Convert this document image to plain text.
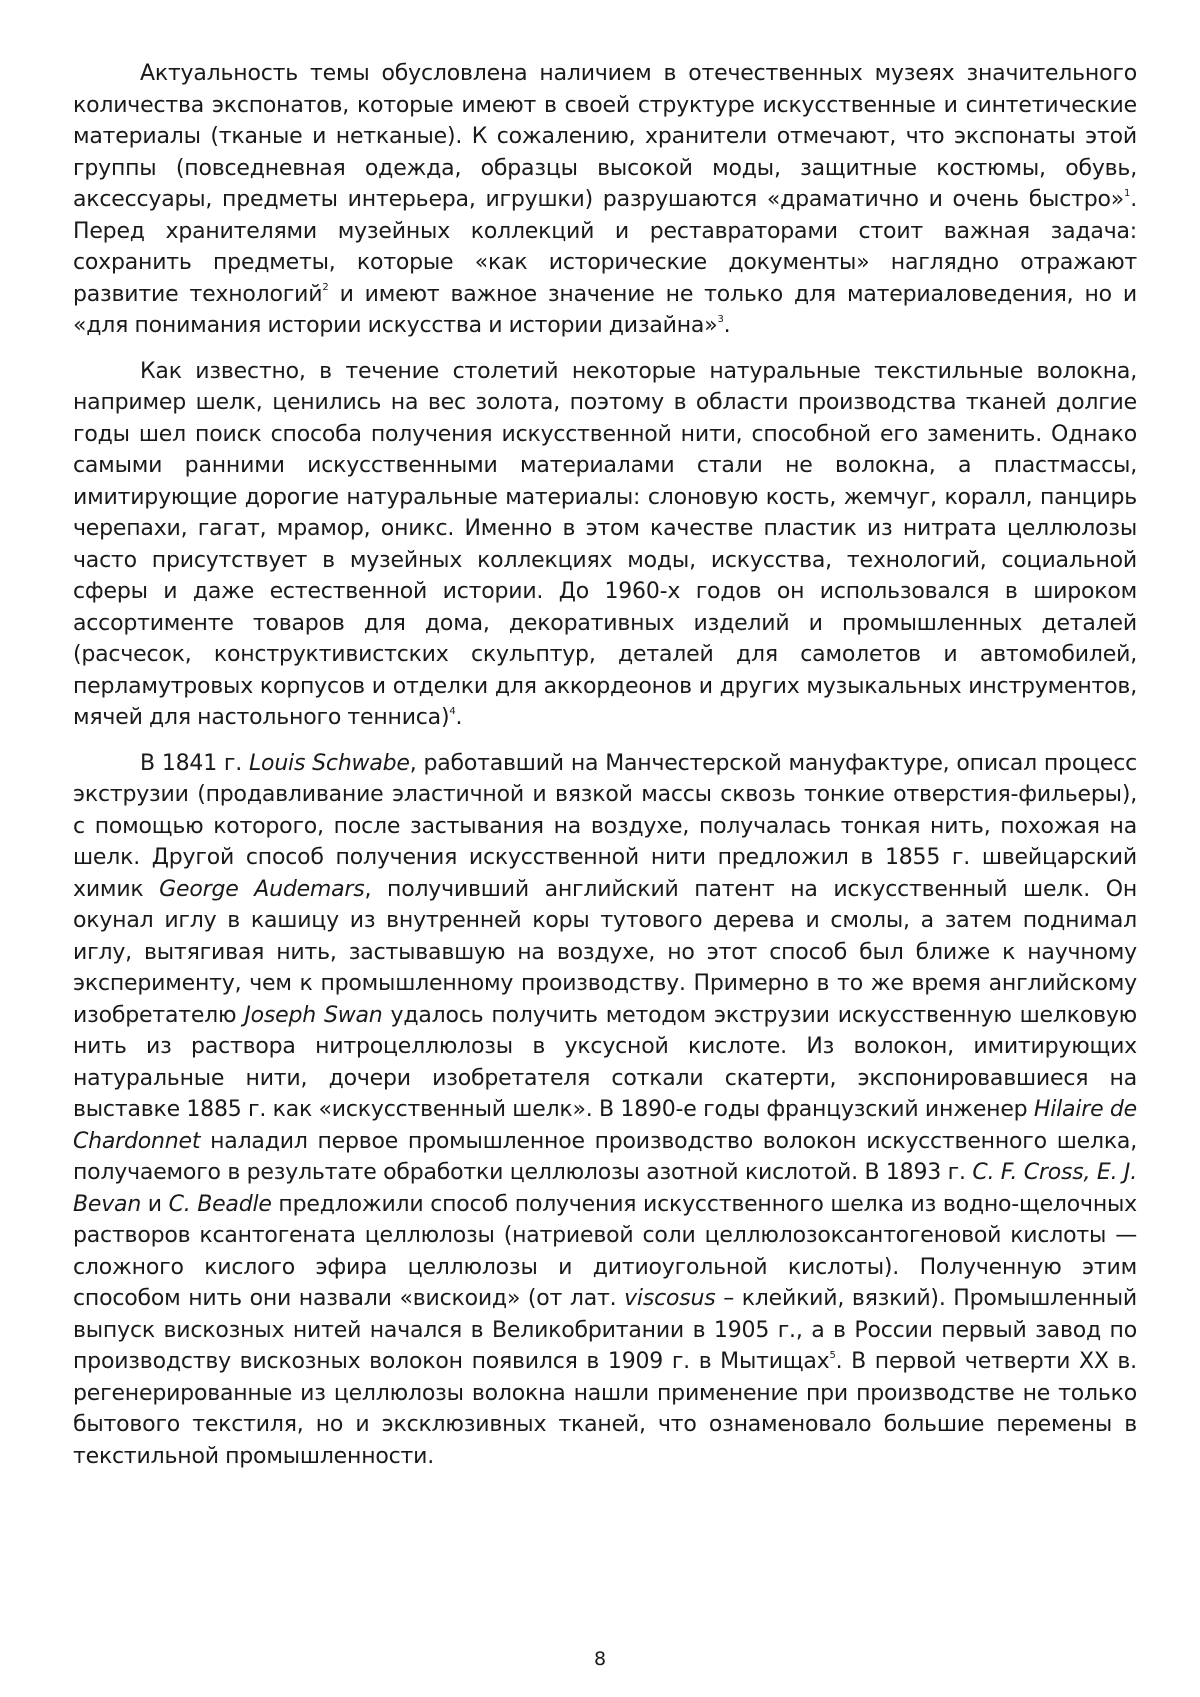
Актуальность темы обусловлена наличием в отечественных музеях значительного количества экспонатов, которые имеют в своей структуре искусственные и синтетические материалы (тканые и нетканые). К сожалению, хранители отмечают, что экспонаты этой группы (повседневная одежда, образцы высокой моды, защитные костюмы, обувь, аксессуары, предметы интерьера, игрушки) разрушаются «драматично и очень быстро»$^1$. Перед хранителями музейных коллекций и реставраторами стоит важная задача: сохранить предметы, которые «как исторические документы» наглядно отражают развитие технологий$^2$ и имеют важное значение не только для материаловедения, но и «для понимания истории искусства и истории дизайна»$^3$.

Как известно, в течение столетий некоторые натуральные текстильные волокна, например шелк, ценились на вес золота, поэтому в области производства тканей долгие годы шел поиск способа получения искусственной нити, способной его заменить. Однако самыми ранними искусственными материалами стали не волокна, а пластмассы, имитирующие дорогие натуральные материалы: слоновую кость, жемчуг, коралл, панцирь черепахи, гагат, мрамор, оникс. Именно в этом качестве пластик из нитрата целлюлозы часто присутствует в музейных коллекциях моды, искусства, технологий, социальной сферы и даже естественной истории. До 1960-х годов он использовался в широком ассортименте товаров для дома, декоративных изделий и промышленных деталей (расчесок, конструктивистских скульптур, деталей для самолетов и автомобилей, перламутровых корпусов и отделки для аккордеонов и других музыкальных инструментов, мячей для настольного тенниса)$^4$.

В 1841 г. Louis Schwabe, работавший на Манчестерской мануфактуре, описал процесс экструзии (продавливание эластичной и вязкой массы сквозь тонкие отверстия-фильеры), с помощью которого, после застывания на воздухе, получалась тонкая нить, похожая на шелк. Другой способ получения искусственной нити предложил в 1855 г. швейцарский химик George Audemars, получивший английский патент на искусственный шелк. Он окунал иглу в кашицу из внутренней коры тутового дерева и смолы, а затем поднимал иглу, вытягивая нить, застывавшую на воздухе, но этот способ был ближе к научному эксперименту, чем к промышленному производству. Примерно в то же время английскому изобретателю Joseph Swan удалось получить методом экструзии искусственную шелковую нить из раствора нитроцеллюлозы в уксусной кислоте. Из волокон, имитирующих натуральные нити, дочери изобретателя соткали скатерти, экспонировавшиеся на выставке 1885 г. как «искусственный шелк». В 1890-е годы французский инженер Hilaire de Chardonnet наладил первое промышленное производство волокон искусственного шелка, получаемого в результате обработки целлюлозы азотной кислотой. В 1893 г. C. F. Cross, E. J. Bevan и C. Beadle предложили способ получения искусственного шелка из водно-щелочных растворов ксантогената целлюлозы (натриевой соли целлюлозоксантогеновой кислоты — сложного кислого эфира целлюлозы и дитиоугольной кислоты). Полученную этим способом нить они назвали «вискоид» (от лат. viscosus – клейкий, вязкий). Промышленный выпуск вискозных нитей начался в Великобритании в 1905 г., а в России первый завод по производству вискозных волокон появился в 1909 г. в Мытищах$^5$. В первой четверти XX в. регенерированные из целлюлозы волокна нашли применение при производстве не только бытового текстиля, но и эксклюзивных тканей, что ознаменовало большие перемены в текстильной промышленности.

8
